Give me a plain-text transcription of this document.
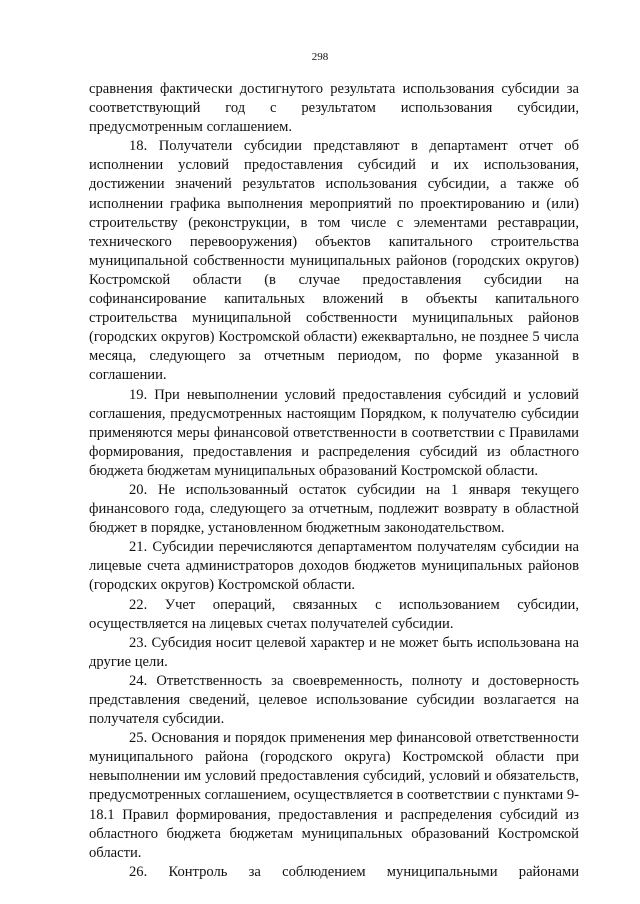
298

сравнения фактически достигнутого результата использования субсидии за соответствующий год с результатом использования субсидии, предусмотренным соглашением.

18. Получатели субсидии представляют в департамент отчет об исполнении условий предоставления субсидий и их использования, достижении значений результатов использования субсидии, а также об исполнении графика выполнения мероприятий по проектированию и (или) строительству (реконструкции, в том числе с элементами реставрации, технического перевооружения) объектов капитального строительства муниципальной собственности муниципальных районов (городских округов) Костромской области (в случае предоставления субсидии на софинансирование капитальных вложений в объекты капитального строительства муниципальной собственности муниципальных районов (городских округов) Костромской области) ежеквартально, не позднее 5 числа месяца, следующего за отчетным периодом, по форме указанной в соглашении.

19. При невыполнении условий предоставления субсидий и условий соглашения, предусмотренных настоящим Порядком, к получателю субсидии применяются меры финансовой ответственности в соответствии с Правилами формирования, предоставления и распределения субсидий из областного бюджета бюджетам муниципальных образований Костромской области.

20. Не использованный остаток субсидии на 1 января текущего финансового года, следующего за отчетным, подлежит возврату в областной бюджет в порядке, установленном бюджетным законодательством.

21. Субсидии перечисляются департаментом получателям субсидии на лицевые счета администраторов доходов бюджетов муниципальных районов (городских округов) Костромской области.

22. Учет операций, связанных с использованием субсидии, осуществляется на лицевых счетах получателей субсидии.

23. Субсидия носит целевой характер и не может быть использована на другие цели.

24. Ответственность за своевременность, полноту и достоверность представления сведений, целевое использование субсидии возлагается на получателя субсидии.

25. Основания и порядок применения мер финансовой ответственности муниципального района (городского округа) Костромской области при невыполнении им условий предоставления субсидий, условий и обязательств, предусмотренных соглашением, осуществляется в соответствии с пунктами 9-18.1 Правил формирования, предоставления и распределения субсидий из областного бюджета бюджетам муниципальных образований Костромской области.

26. Контроль за соблюдением муниципальными районами
